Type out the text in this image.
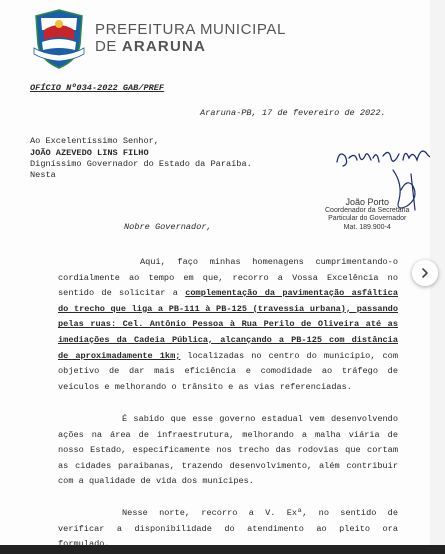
PREFEITURA MUNICIPAL
DE ARARUNA
OFÍCIO Nº034-2022 GAB/PREF
Araruna-PB, 17 de fevereiro de 2022.
Ao Excelentíssimo Senhor,
JOÃO AZEVEDO LINS FILHO
Digníssimo Governador do Estado da Paraíba.
Nesta
Nobre Governador,
Aqui, faço minhas homenagens cumprimentando-o cordialmente ao tempo em que, recorro a Vossa Excelência no sentido de solicitar a complementação da pavimentação asfáltica do trecho que liga a PB-111 à PB-125 (travessia urbana), passando pelas ruas: Cel. Antônio Pessoa à Rua Perilo de Oliveira até as imediações da Cadeia Pública, alcançando a PB-125 com distância de aproximadamente 1km; localizadas no centro do município, com objetivo de dar mais eficiência e comodidade ao tráfego de veículos e melhorando o trânsito e as vias referenciadas.
É sabido que esse governo estadual vem desenvolvendo ações na área de infraestrutura, melhorando a malha viária de nosso Estado, especificamente nos trecho das rodovias que cortam as cidades paraibanas, trazendo desenvolvimento, além contribuir com a qualidade de vida dos munícipes.
Nesse norte, recorro a V. Exª, no sentido de verificar a disponibilidade do atendimento ao pleito ora
João Porto
Coordenador da Secretaria
Particular do Governador
Mat. 189.900-4
